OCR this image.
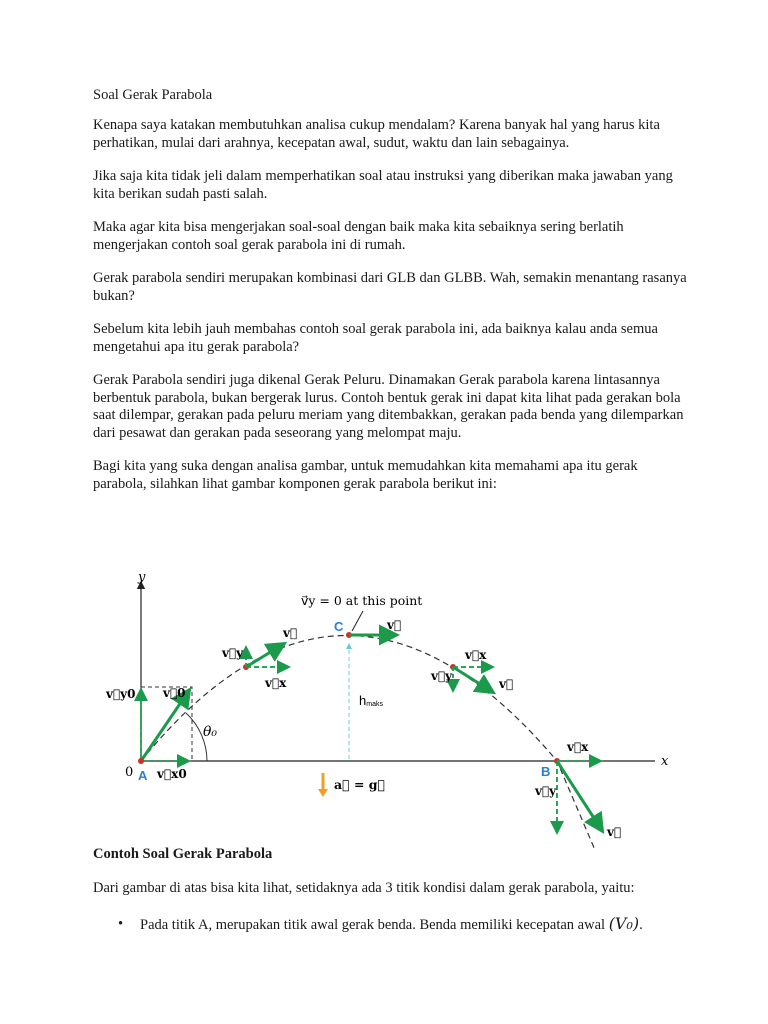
Soal Gerak Parabola

Kenapa saya katakan membutuhkan analisa cukup mendalam? Karena banyak hal yang harus kita perhatikan, mulai dari arahnya, kecepatan awal, sudut, waktu dan lain sebagainya.

Jika saja kita tidak jeli dalam memperhatikan soal atau instruksi yang diberikan maka jawaban yang kita berikan sudah pasti salah.

Maka agar kita bisa mengerjakan soal-soal dengan baik maka kita sebaiknya sering berlatih mengerjakan contoh soal gerak parabola ini di rumah.

Gerak parabola sendiri merupakan kombinasi dari GLB dan GLBB. Wah, semakin menantang rasanya bukan?

Sebelum kita lebih jauh membahas contoh soal gerak parabola ini, ada baiknya kalau anda semua mengetahui apa itu gerak parabola?

Gerak Parabola sendiri juga dikenal Gerak Peluru. Dinamakan Gerak parabola karena lintasannya berbentuk parabola, bukan bergerak lurus. Contoh bentuk gerak ini dapat kita lihat pada gerakan bola saat dilempar, gerakan pada peluru meriam yang ditembakkan, gerakan pada benda yang dilemparkan dari pesawat dan gerakan pada seseorang yang melompat maju.

Bagi kita yang suka dengan analisa gambar, untuk memudahkan kita memahami apa itu gerak parabola, silahkan lihat gambar komponen gerak parabola berikut ini:

y
x
0
θ₀
v⃗y0 v⃗0
v⃗x0
A
v⃗y
v⃗
v⃗x
C	v⃗
v⃗y = 0 at this point
hmaks
a⃗ = g⃗
v⃗x
v⃗y
v⃗
v⃗x
v⃗y
v⃗
B
Contoh Soal Gerak Parabola

Dari gambar di atas bisa kita lihat, setidaknya ada 3 titik kondisi dalam gerak parabola, yaitu:

• Pada titik A, merupakan titik awal gerak benda. Benda memiliki kecepatan awal (V₀).
